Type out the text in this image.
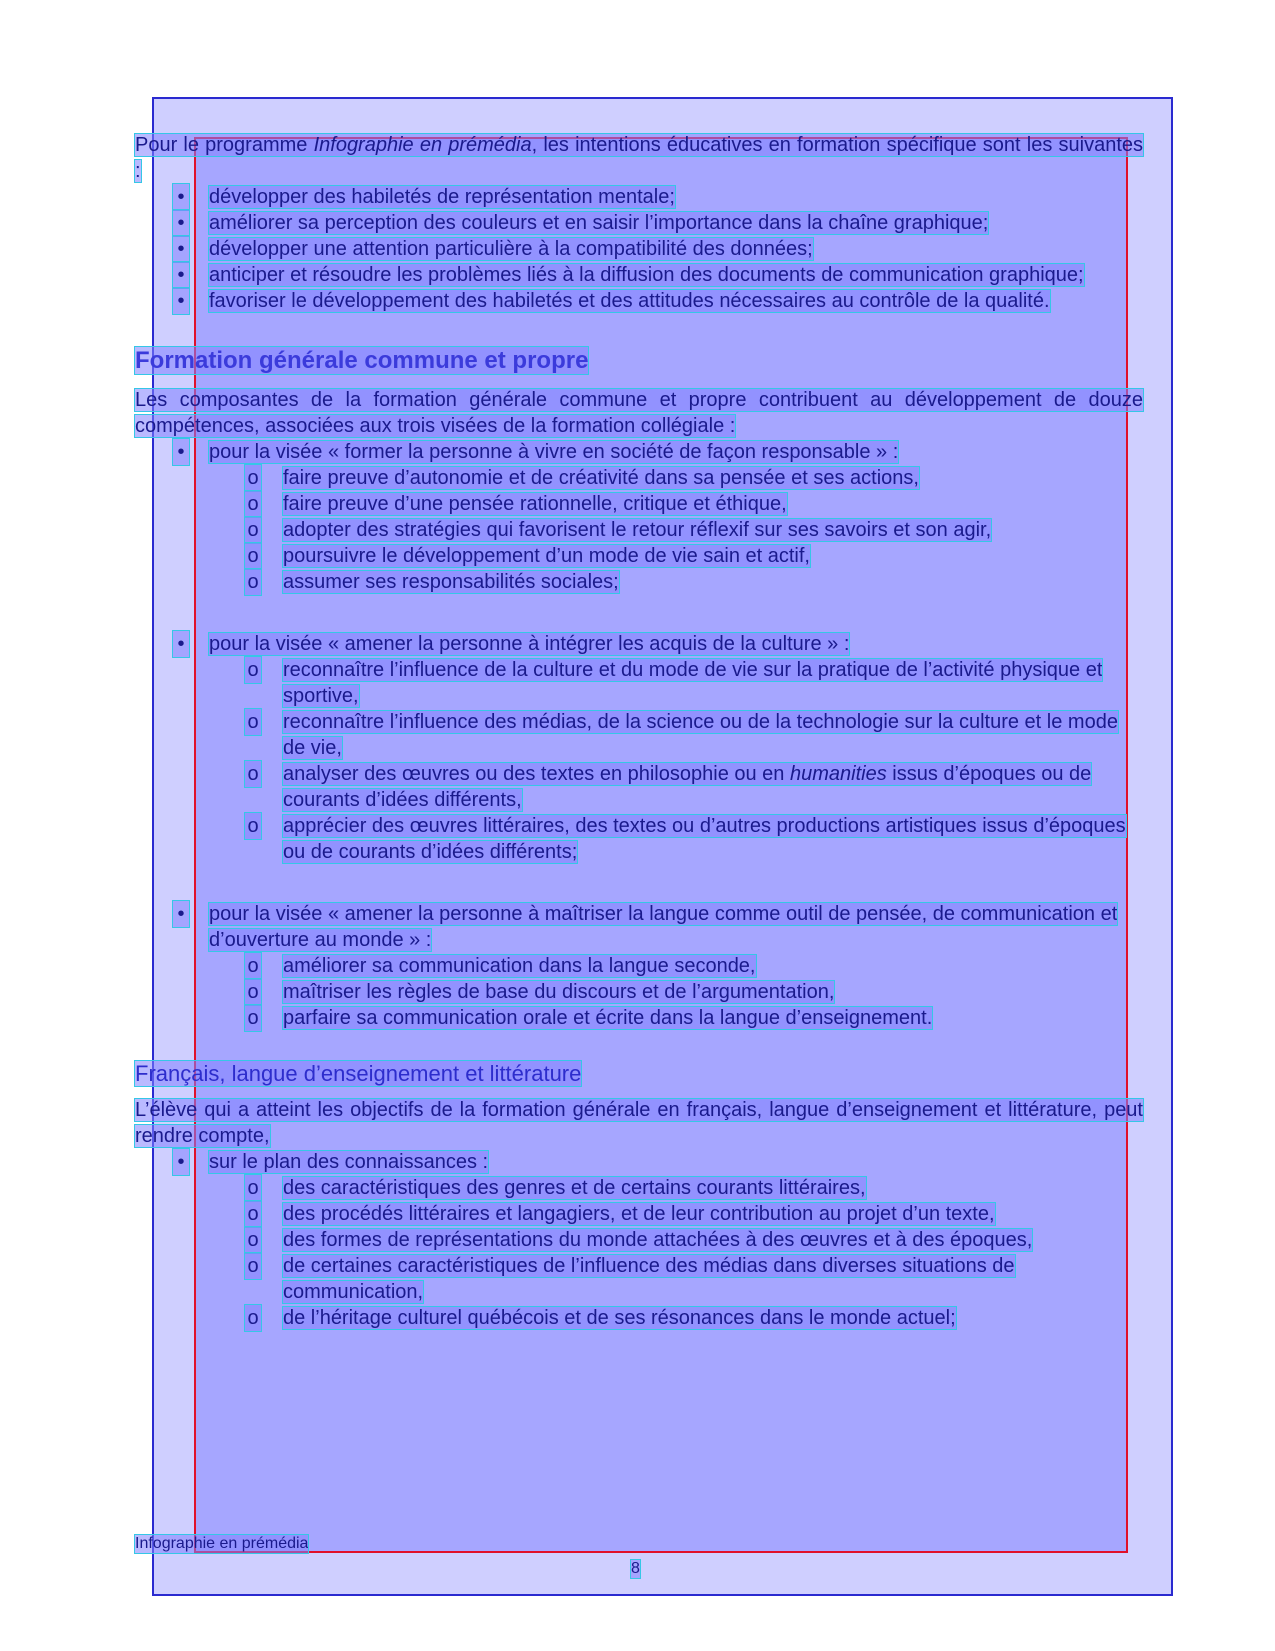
Pour le programme Infographie en prémédia, les intentions éducatives en formation spécifique sont les suivantes :

• développer des habiletés de représentation mentale;
• améliorer sa perception des couleurs et en saisir l’importance dans la chaîne graphique;
• développer une attention particulière à la compatibilité des données;
• anticiper et résoudre les problèmes liés à la diffusion des documents de communication graphique;
• favoriser le développement des habiletés et des attitudes nécessaires au contrôle de la qualité.
Formation générale commune et propre

Les composantes de la formation générale commune et propre contribuent au développement de douze compétences, associées aux trois visées de la formation collégiale :

• pour la visée « former la personne à vivre en société de façon responsable » :
o faire preuve d’autonomie et de créativité dans sa pensée et ses actions,
o faire preuve d’une pensée rationnelle, critique et éthique,
o adopter des stratégies qui favorisent le retour réflexif sur ses savoirs et son agir,
o poursuivre le développement d’un mode de vie sain et actif,
o assumer ses responsabilités sociales;
• pour la visée « amener la personne à intégrer les acquis de la culture » :
o reconnaître l’influence de la culture et du mode de vie sur la pratique de l’activité physique et sportive,
o reconnaître l’influence des médias, de la science ou de la technologie sur la culture et le mode de vie,
o analyser des œuvres ou des textes en philosophie ou en humanities issus d’époques ou de courants d’idées différents,
o apprécier des œuvres littéraires, des textes ou d’autres productions artistiques issus d’époques ou de courants d’idées différents;
• pour la visée « amener la personne à maîtriser la langue comme outil de pensée, de communication et d’ouverture au monde » :
o améliorer sa communication dans la langue seconde,
o maîtriser les règles de base du discours et de l’argumentation,
o parfaire sa communication orale et écrite dans la langue d’enseignement.
Français, langue d’enseignement et littérature

L’élève qui a atteint les objectifs de la formation générale en français, langue d’enseignement et littérature, peut rendre compte,

• sur le plan des connaissances :
o des caractéristiques des genres et de certains courants littéraires,
o des procédés littéraires et langagiers, et de leur contribution au projet d’un texte,
o des formes de représentations du monde attachées à des œuvres et à des époques,
o de certaines caractéristiques de l’influence des médias dans diverses situations de communication,
o de l’héritage culturel québécois et de ses résonances dans le monde actuel;
Infographie en prémédia
8
